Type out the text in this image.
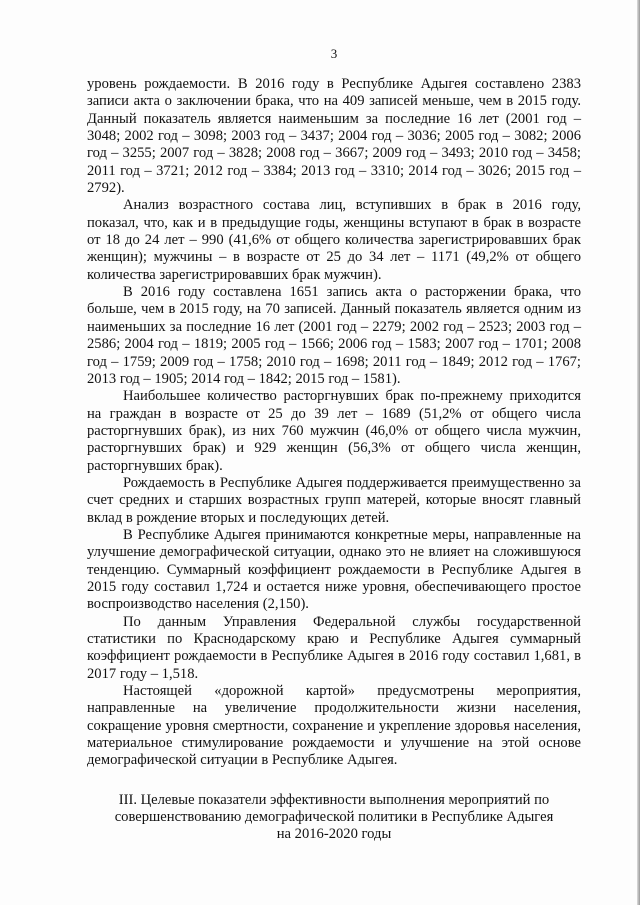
3

уровень рождаемости. В 2016 году в Республике Адыгея составлено 2383 записи акта о заключении брака, что на 409 записей меньше, чем в 2015 году. Данный показатель является наименьшим за последние 16 лет (2001 год – 3048; 2002 год – 3098; 2003 год – 3437; 2004 год – 3036; 2005 год – 3082; 2006 год – 3255; 2007 год – 3828; 2008 год – 3667; 2009 год – 3493; 2010 год – 3458; 2011 год – 3721; 2012 год – 3384; 2013 год – 3310; 2014 год – 3026; 2015 год – 2792).

Анализ возрастного состава лиц, вступивших в брак в 2016 году, показал, что, как и в предыдущие годы, женщины вступают в брак в возрасте от 18 до 24 лет – 990 (41,6% от общего количества зарегистрировавших брак женщин); мужчины – в возрасте от 25 до 34 лет – 1171 (49,2% от общего количества зарегистрировавших брак мужчин).

В 2016 году составлена 1651 запись акта о расторжении брака, что больше, чем в 2015 году, на 70 записей. Данный показатель является одним из наименьших за последние 16 лет (2001 год – 2279; 2002 год – 2523; 2003 год – 2586; 2004 год – 1819; 2005 год – 1566; 2006 год – 1583; 2007 год – 1701; 2008 год – 1759; 2009 год – 1758; 2010 год – 1698; 2011 год – 1849; 2012 год – 1767; 2013 год – 1905; 2014 год – 1842; 2015 год – 1581).

Наибольшее количество расторгнувших брак по-прежнему приходится на граждан в возрасте от 25 до 39 лет – 1689 (51,2% от общего числа расторгнувших брак), из них 760 мужчин (46,0% от общего числа мужчин, расторгнувших брак) и 929 женщин (56,3% от общего числа женщин, расторгнувших брак).

Рождаемость в Республике Адыгея поддерживается преимущественно за счет средних и старших возрастных групп матерей, которые вносят главный вклад в рождение вторых и последующих детей.

В Республике Адыгея принимаются конкретные меры, направленные на улучшение демографической ситуации, однако это не влияет на сложившуюся тенденцию. Суммарный коэффициент рождаемости в Республике Адыгея в 2015 году составил 1,724 и остается ниже уровня, обеспечивающего простое воспроизводство населения (2,150).

По данным Управления Федеральной службы государственной статистики по Краснодарскому краю и Республике Адыгея суммарный коэффициент рождаемости в Республике Адыгея в 2016 году составил 1,681, в 2017 году – 1,518.

Настоящей «дорожной картой» предусмотрены мероприятия, направленные на увеличение продолжительности жизни населения, сокращение уровня смертности, сохранение и укрепление здоровья населения, материальное стимулирование рождаемости и улучшение на этой основе демографической ситуации в Республике Адыгея.

III. Целевые показатели эффективности выполнения мероприятий по
совершенствованию демографической политики в Республике Адыгея
на 2016-2020 годы
